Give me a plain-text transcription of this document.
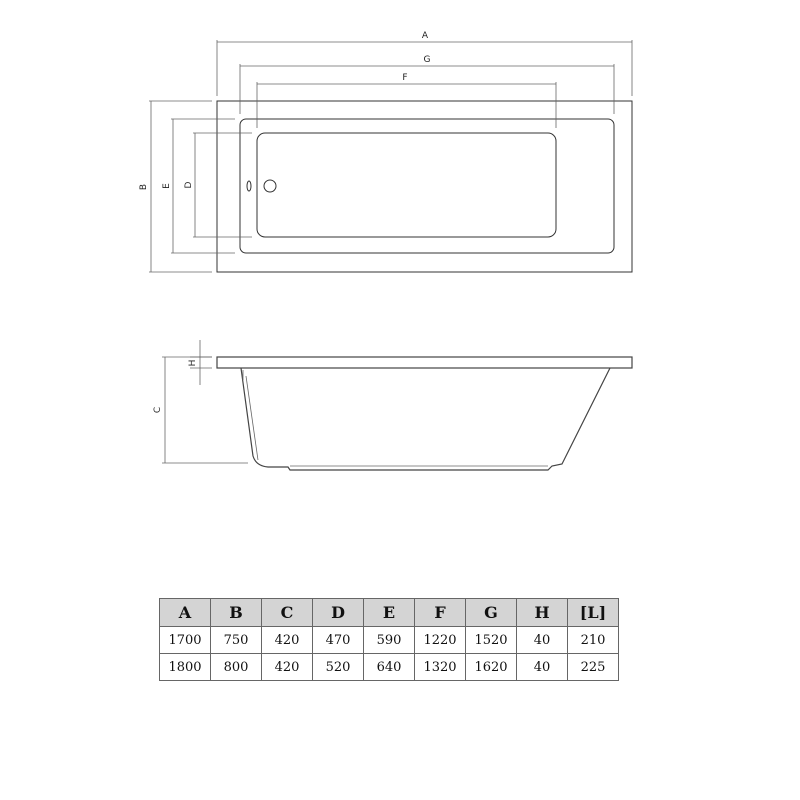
A
G
F
B E D
H
C
A	B	C	D	E	F	G	H	[L]
1700	750	420	470	590	1220	1520	40	210
1800	800	420	520	640	1320	1620	40	225
